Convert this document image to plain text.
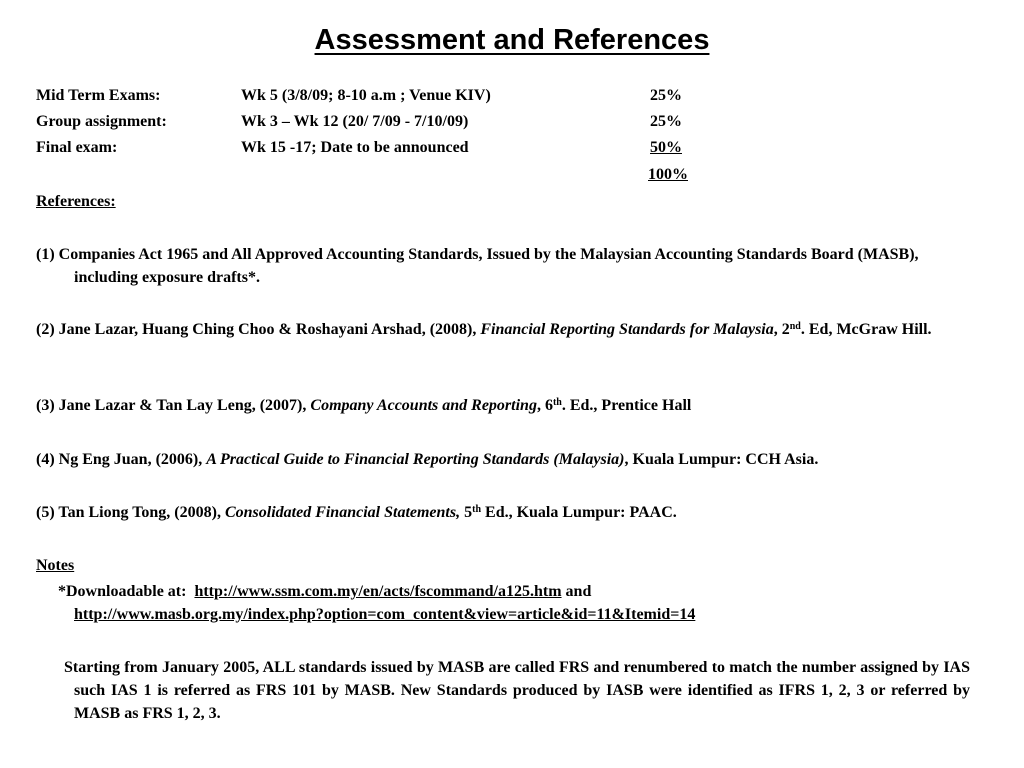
Assessment and References
Mid Term Exams:	Wk 5 (3/8/09; 8-10 a.m ; Venue KIV)	25%
Group assignment:	Wk 3 – Wk 12 (20/ 7/09 - 7/10/09)	25%
Final exam:	Wk 15 -17; Date to be announced	50%
100%
References:
(1) Companies Act 1965 and All Approved Accounting Standards, Issued by the Malaysian Accounting Standards Board (MASB), including exposure drafts*.
(2) Jane Lazar, Huang Ching Choo & Roshayani Arshad, (2008), Financial Reporting Standards for Malaysia, 2nd. Ed, McGraw Hill.
(3) Jane Lazar & Tan Lay Leng, (2007), Company Accounts and Reporting, 6th. Ed., Prentice Hall
(4) Ng Eng Juan, (2006), A Practical Guide to Financial Reporting Standards (Malaysia), Kuala Lumpur: CCH Asia.
(5) Tan Liong Tong, (2008), Consolidated Financial Statements, 5th Ed., Kuala Lumpur: PAAC.
Notes
*Downloadable at: http://www.ssm.com.my/en/acts/fscommand/a125.htm and
http://www.masb.org.my/index.php?option=com_content&view=article&id=11&Itemid=14
Starting from January 2005, ALL standards issued by MASB are called FRS and renumbered to match the number assigned by IAS such IAS 1 is referred as FRS 101 by MASB. New Standards produced by IASB were identified as IFRS 1, 2, 3 or referred by MASB as FRS 1, 2, 3.
